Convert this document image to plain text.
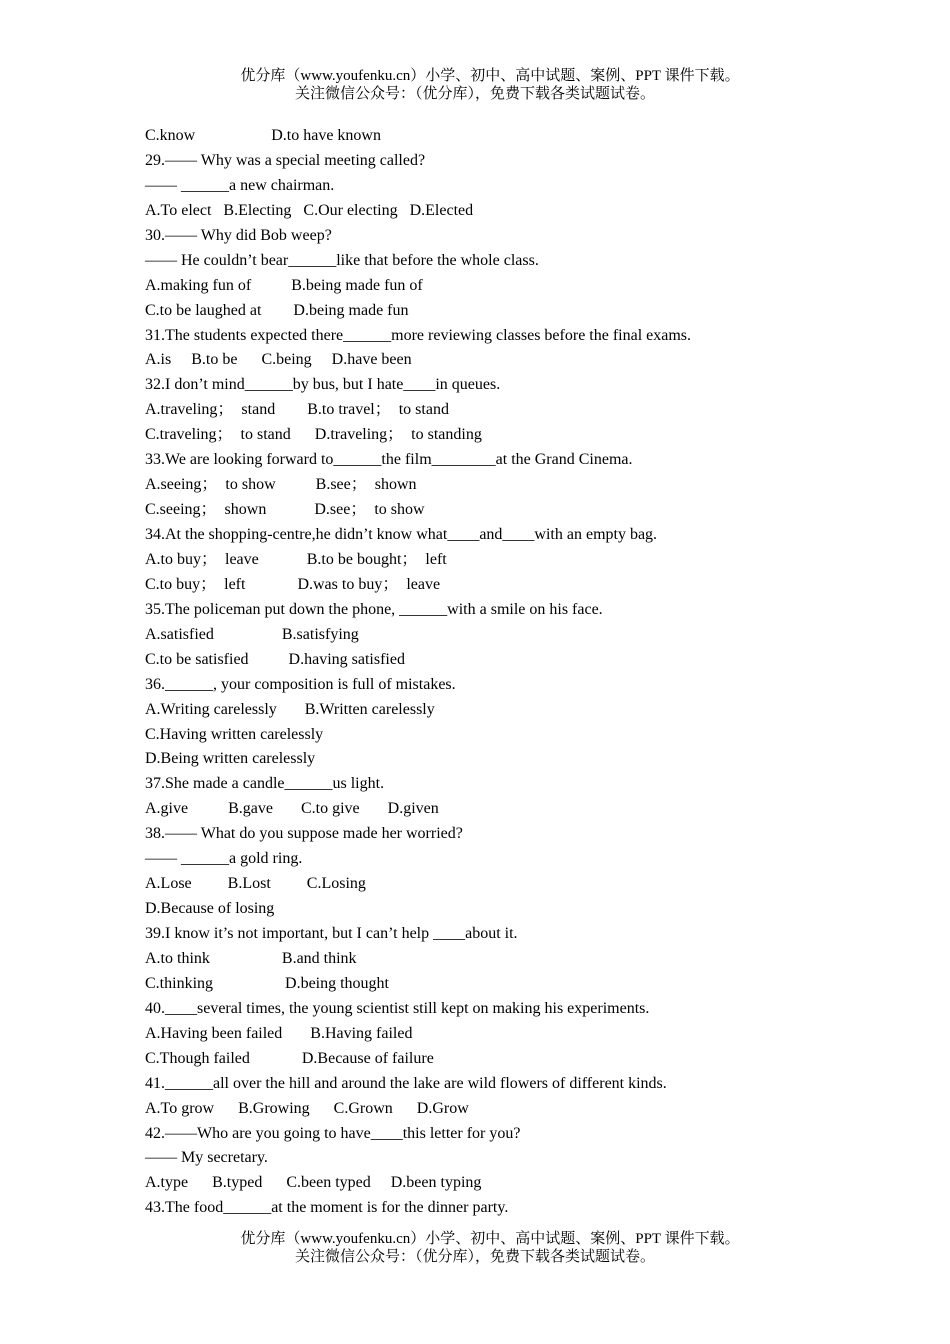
优分库（www.youfenku.cn）小学、初中、高中试题、案例、PPT 课件下载。
关注微信公众号：（优分库），免费下载各类试题试卷。
C.know                   D.to have known
29.—— Why was a special meeting called?
—— ______a new chairman.
A.To elect   B.Electing   C.Our electing   D.Elected
30.—— Why did Bob weep?
—— He couldn’t bear______like that before the whole class.
A.making fun of          B.being made fun of
C.to be laughed at        D.being made fun
31.The students expected there______more reviewing classes before the final exams.
A.is     B.to be      C.being     D.have been
32.I don’t mind______by bus, but I hate____in queues.
A.traveling；  stand        B.to travel；  to stand
C.traveling；  to stand      D.traveling；  to standing
33.We are looking forward to______the film________at the Grand Cinema.
A.seeing；  to show          B.see；  shown
C.seeing；  shown            D.see；  to show
34.At the shopping-centre,he didn’t know what____and____with an empty bag.
A.to buy；  leave            B.to be bought；  left
C.to buy；  left             D.was to buy；  leave
35.The policeman put down the phone, ______with a smile on his face.
A.satisfied                 B.satisfying
C.to be satisfied          D.having satisfied
36.______, your composition is full of mistakes.
A.Writing carelessly       B.Written carelessly
C.Having written carelessly
D.Being written carelessly
37.She made a candle______us light.
A.give          B.gave       C.to give       D.given
38.—— What do you suppose made her worried?
—— ______a gold ring.
A.Lose         B.Lost         C.Losing
D.Because of losing
39.I know it’s not important, but I can’t help ____about it.
A.to think                  B.and think
C.thinking                  D.being thought
40.____several times, the young scientist still kept on making his experiments.
A.Having been failed       B.Having failed
C.Though failed             D.Because of failure
41.______all over the hill and around the lake are wild flowers of different kinds.
A.To grow      B.Growing      C.Grown      D.Grow
42.——Who are you going to have____this letter for you?
—— My secretary.
A.type      B.typed      C.been typed     D.been typing
43.The food______at the moment is for the dinner party.
优分库（www.youfenku.cn）小学、初中、高中试题、案例、PPT 课件下载。
关注微信公众号：（优分库），免费下载各类试题试卷。
